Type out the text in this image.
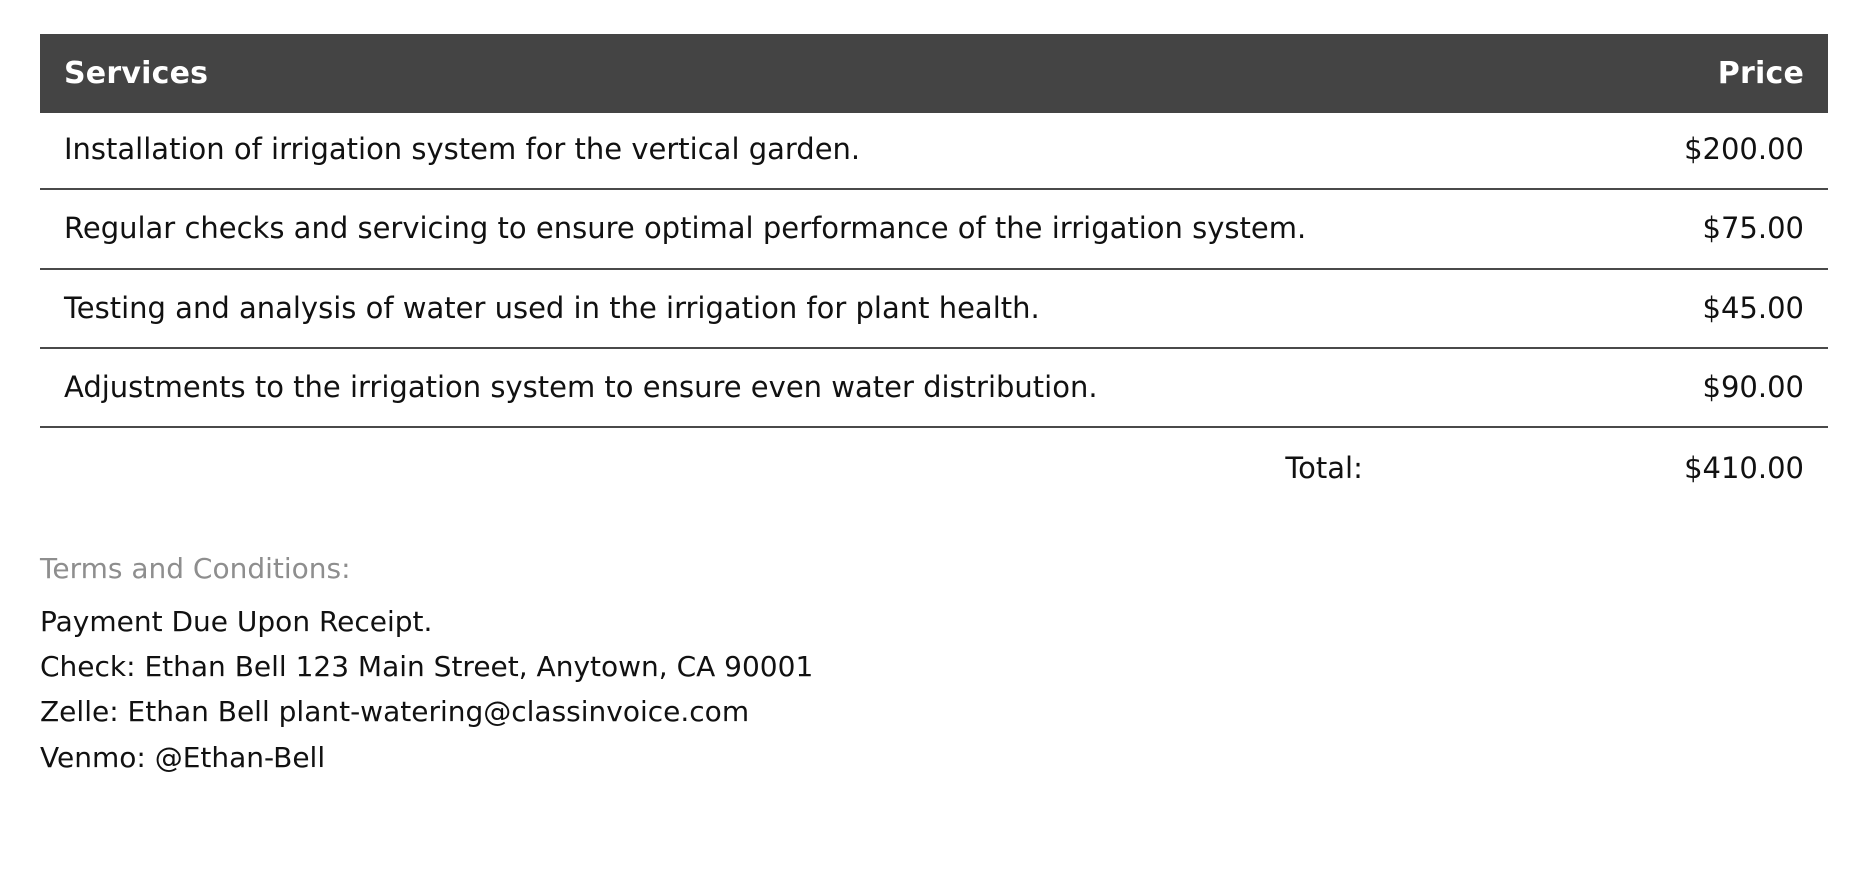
Services	Price
Installation of irrigation system for the vertical garden.	$200.00
Regular checks and servicing to ensure optimal performance of the irrigation system.	$75.00
Testing and analysis of water used in the irrigation for plant health.	$45.00
Adjustments to the irrigation system to ensure even water distribution.	$90.00
Total:	$410.00
Terms and Conditions:
Payment Due Upon Receipt.
Check: Ethan Bell 123 Main Street, Anytown, CA 90001
Zelle: Ethan Bell plant-watering@classinvoice.com
Venmo: @Ethan-Bell
